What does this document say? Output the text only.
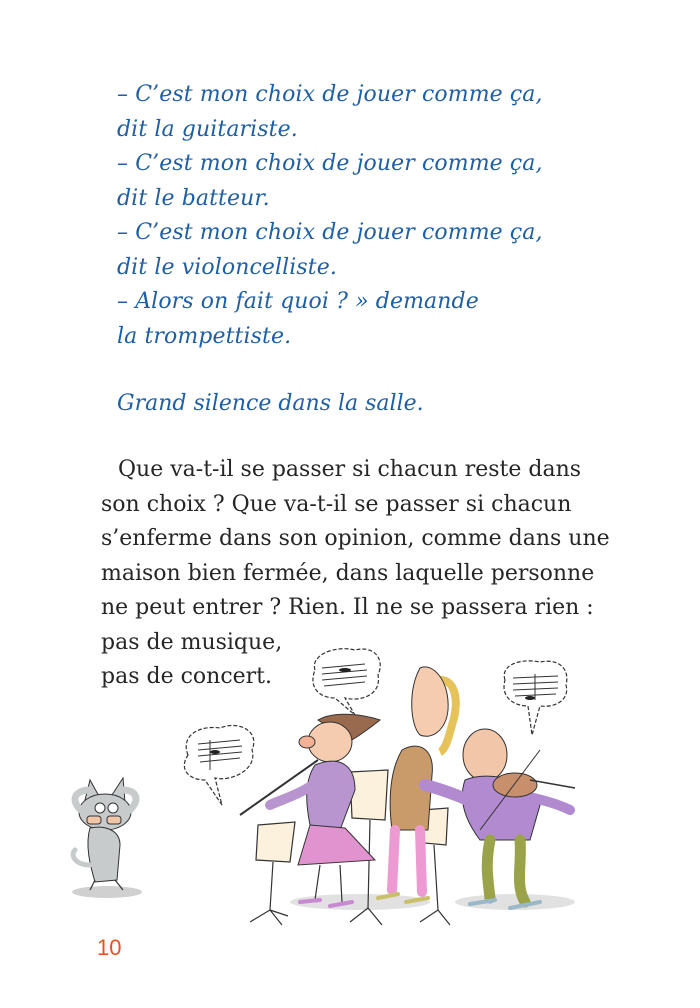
– C’est mon choix de jouer comme ça,
dit la guitariste.
– C’est mon choix de jouer comme ça,
dit le batteur.
– C’est mon choix de jouer comme ça,
dit le violoncelliste.
– Alors on fait quoi ? » demande
la trompettiste.
Grand silence dans la salle.
Que va-t-il se passer si chacun reste dans
son choix ? Que va-t-il se passer si chacun
s’enferme dans son opinion, comme dans une
maison bien fermée, dans laquelle personne
ne peut entrer ? Rien. Il ne se passera rien :
pas de musique,
pas de concert.
10
